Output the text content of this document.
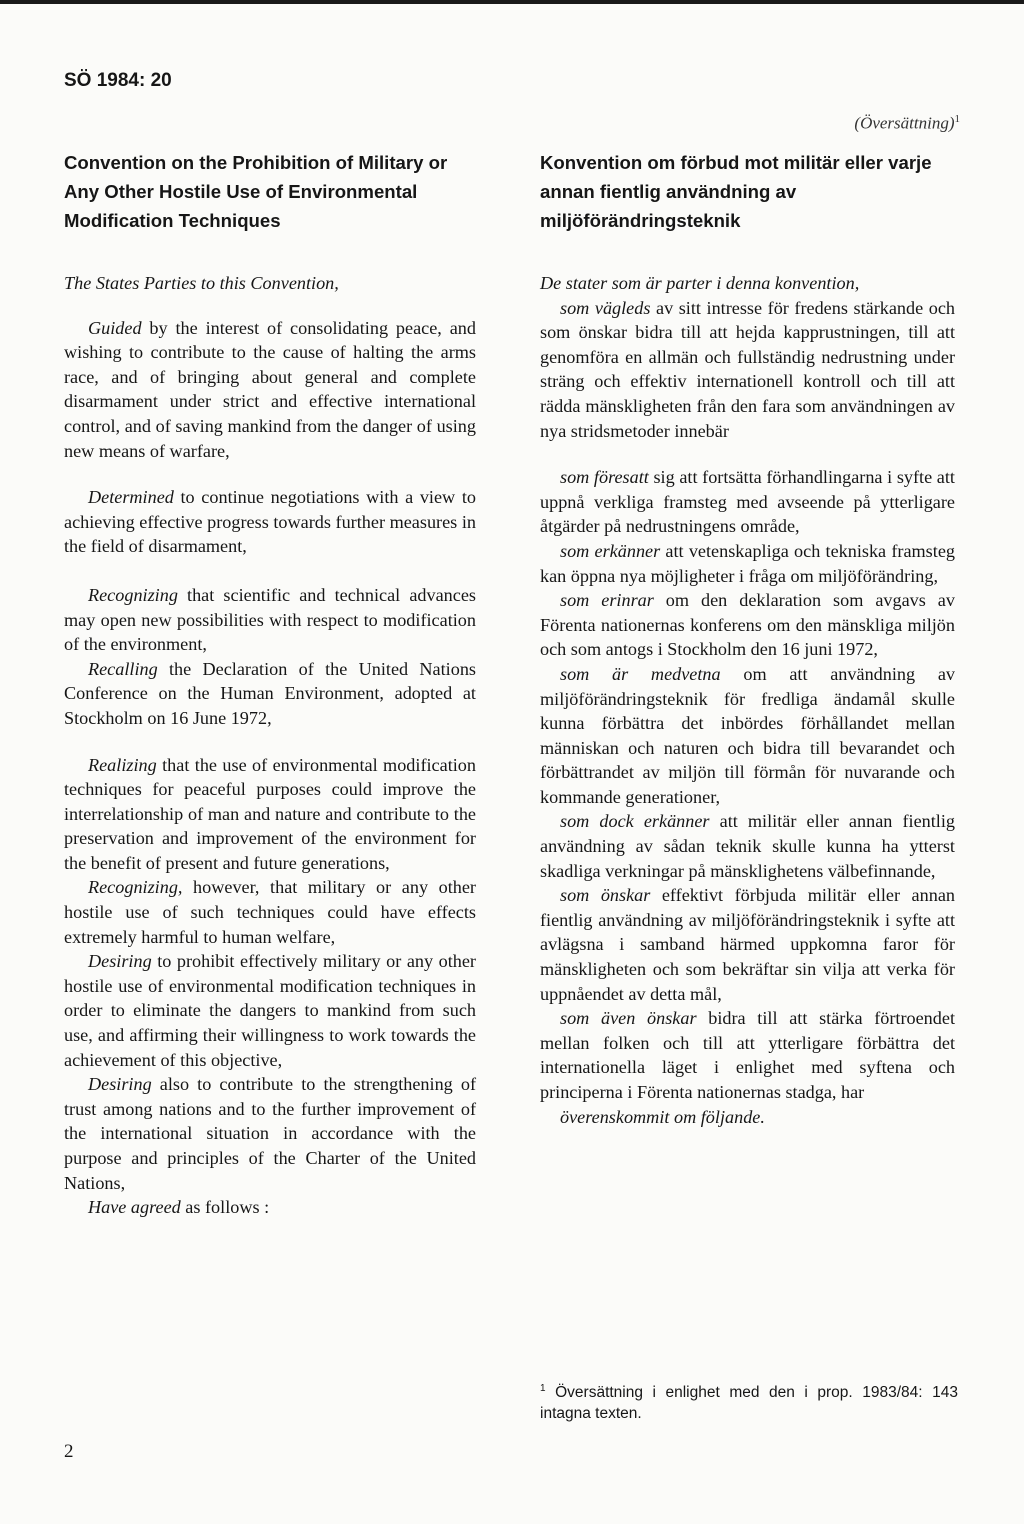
SÖ 1984: 20
(Översättning)$^1$
Convention on the Prohibition of Military or Any Other Hostile Use of Environmental Modification Techniques
The States Parties to this Convention,

Guided by the interest of consolidating peace, and wishing to contribute to the cause of halting the arms race, and of bringing about general and complete disarmament under strict and effective international control, and of saving mankind from the danger of using new means of warfare,

Determined to continue negotiations with a view to achieving effective progress towards further measures in the field of disarmament,

Recognizing that scientific and technical advances may open new possibilities with respect to modification of the environment,

Recalling the Declaration of the United Nations Conference on the Human Environment, adopted at Stockholm on 16 June 1972,

Realizing that the use of environmental modification techniques for peaceful purposes could improve the interrelationship of man and nature and contribute to the preservation and improvement of the environment for the benefit of present and future generations,

Recognizing, however, that military or any other hostile use of such techniques could have effects extremely harmful to human welfare,

Desiring to prohibit effectively military or any other hostile use of environmental modification techniques in order to eliminate the dangers to mankind from such use, and affirming their willingness to work towards the achievement of this objective,

Desiring also to contribute to the strengthening of trust among nations and to the further improvement of the international situation in accordance with the purpose and principles of the Charter of the United Nations,

Have agreed as follows :

Konvention om förbud mot militär eller varje annan fientlig användning av miljöförändringsteknik
De stater som är parter i denna konvention,

som vägleds av sitt intresse för fredens stärkande och som önskar bidra till att hejda kapprustningen, till att genomföra en allmän och fullständig nedrustning under sträng och effektiv internationell kontroll och till att rädda mänskligheten från den fara som användningen av nya stridsmetoder innebär

som föresatt sig att fortsätta förhandlingarna i syfte att uppnå verkliga framsteg med avseende på ytterligare åtgärder på nedrustningens område,

som erkänner att vetenskapliga och tekniska framsteg kan öppna nya möjligheter i fråga om miljöförändring,

som erinrar om den deklaration som avgavs av Förenta nationernas konferens om den mänskliga miljön och som antogs i Stockholm den 16 juni 1972,

som är medvetna om att användning av miljöförändringsteknik för fredliga ändamål skulle kunna förbättra det inbördes förhållandet mellan människan och naturen och bidra till bevarandet och förbättrandet av miljön till förmån för nuvarande och kommande generationer,

som dock erkänner att militär eller annan fientlig användning av sådan teknik skulle kunna ha ytterst skadliga verkningar på mänsklighetens välbefinnande,

som önskar effektivt förbjuda militär eller annan fientlig användning av miljöförändringsteknik i syfte att avlägsna i samband härmed uppkomna faror för mänskligheten och som bekräftar sin vilja att verka för uppnåendet av detta mål,

som även önskar bidra till att stärka förtroendet mellan folken och till att ytterligare förbättra det internationella läget i enlighet med syftena och principerna i Förenta nationernas stadga, har

överenskommit om följande.

$^1$ Översättning i enlighet med den i prop. 1983/84: 143 intagna texten.
2
